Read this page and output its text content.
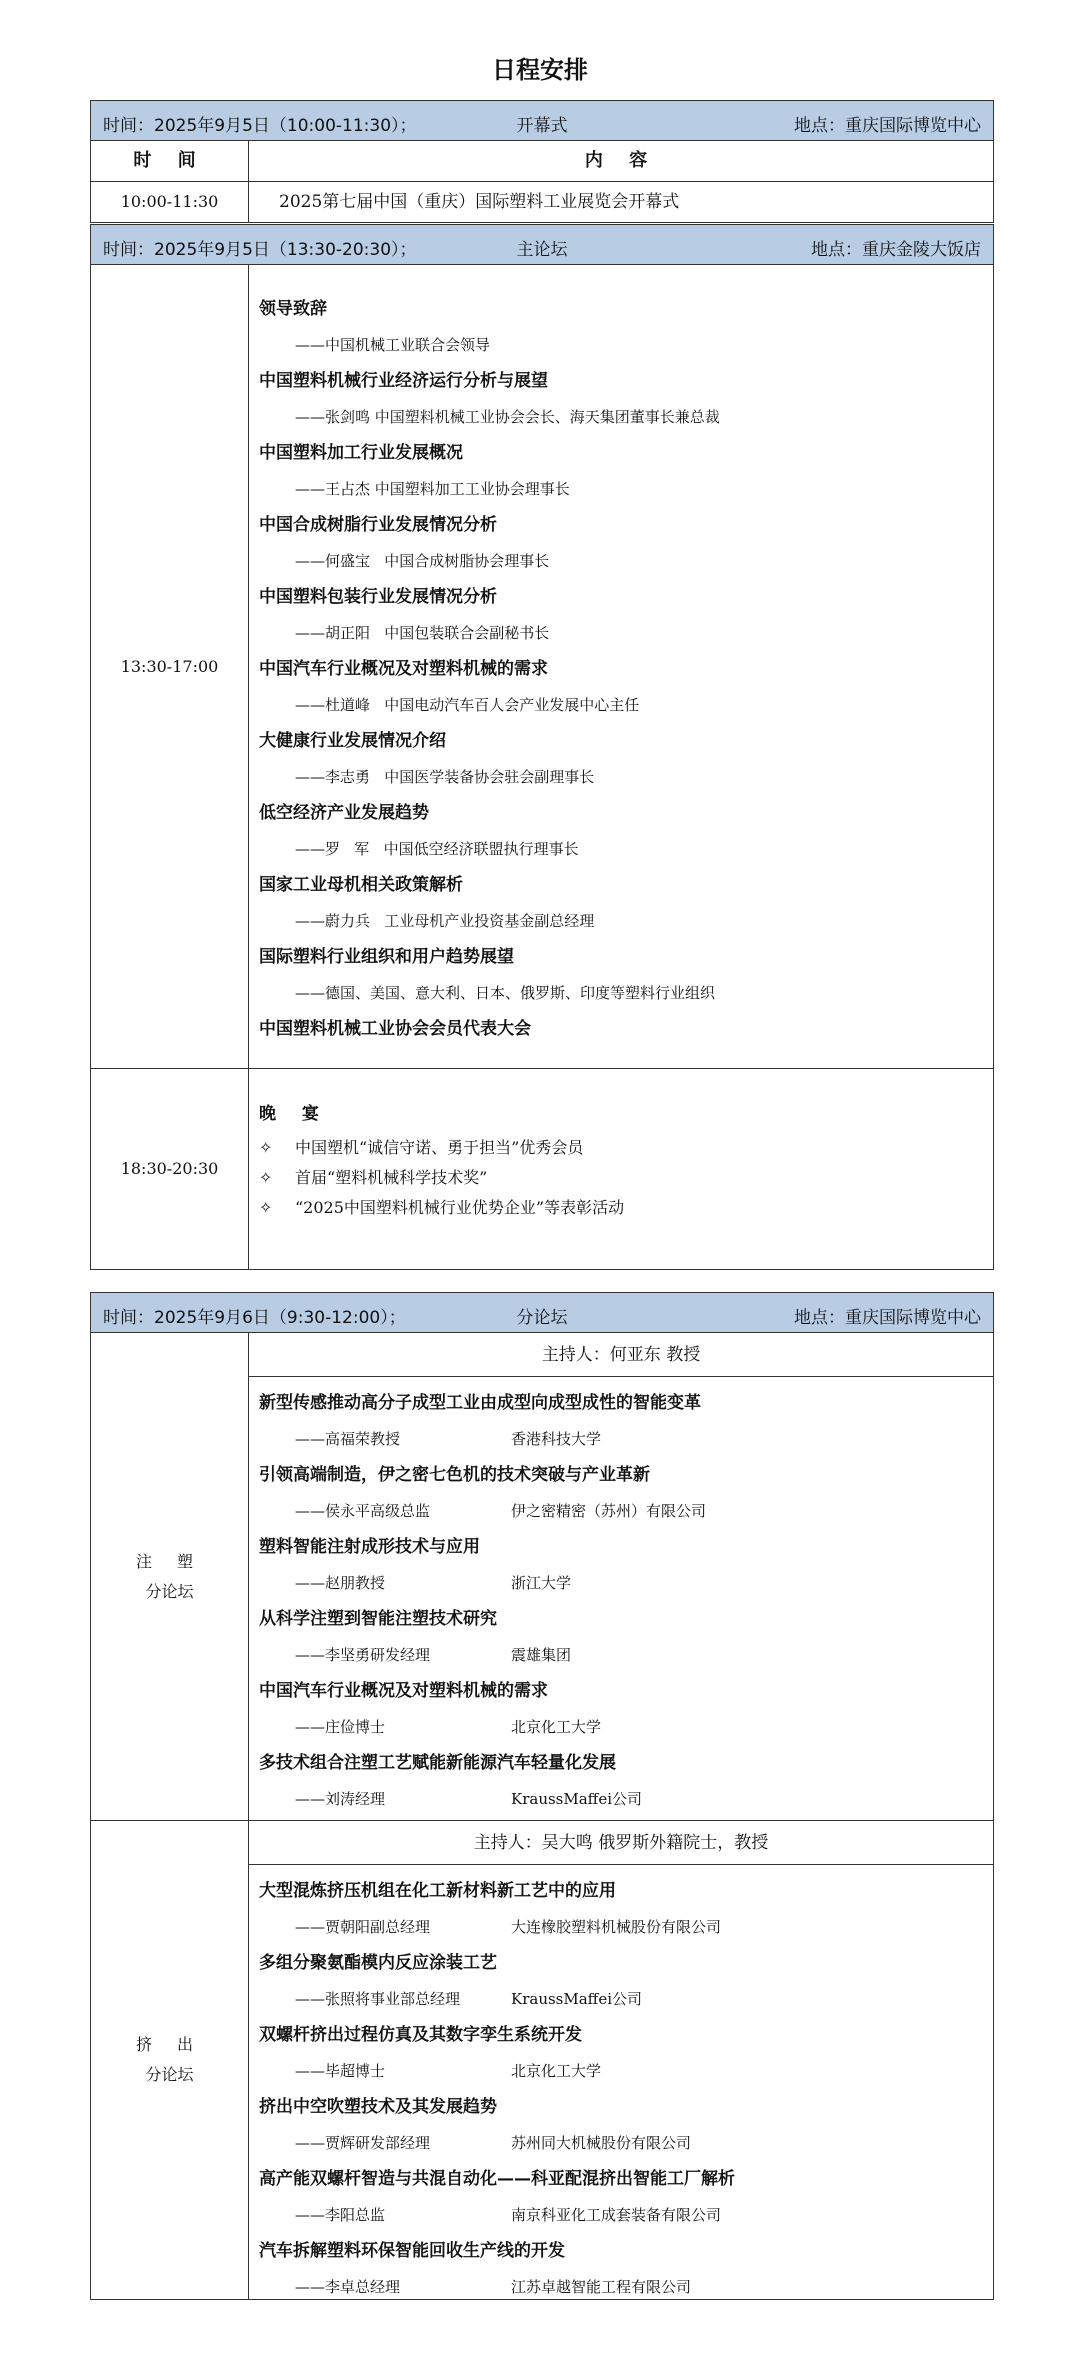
日程安排
时间：2025年9月5日（10:00-11:30）；	开幕式	地点：重庆国际博览中心
时 间	内 容
10:00-11:30	2025第七届中国（重庆）国际塑料工业展览会开幕式
时间：2025年9月5日（13:30-20:30）；	主论坛	地点：重庆金陵大饭店
13:30-17:00
领导致辞
——中国机械工业联合会领导
中国塑料机械行业经济运行分析与展望
——张剑鸣 中国塑料机械工业协会会长、海天集团董事长兼总裁
中国塑料加工行业发展概况
——王占杰 中国塑料加工工业协会理事长
中国合成树脂行业发展情况分析
——何盛宝   中国合成树脂协会理事长
中国塑料包装行业发展情况分析
——胡正阳   中国包装联合会副秘书长
中国汽车行业概况及对塑料机械的需求
——杜道峰   中国电动汽车百人会产业发展中心主任
大健康行业发展情况介绍
——李志勇   中国医学装备协会驻会副理事长
低空经济产业发展趋势
——罗   军   中国低空经济联盟执行理事长
国家工业母机相关政策解析
——蔚力兵   工业母机产业投资基金副总经理
国际塑料行业组织和用户趋势展望
——德国、美国、意大利、日本、俄罗斯、印度等塑料行业组织
中国塑料机械工业协会会员代表大会
18:30-20:30
晚 宴
✧ 中国塑机“诚信守诺、勇于担当”优秀会员
✧ 首届“塑料机械科学技术奖”
✧ “2025中国塑料机械行业优势企业”等表彰活动
时间：2025年9月6日（9:30-12:00）；	分论坛	地点：重庆国际博览中心
注 塑
分论坛
主持人：何亚东 教授
新型传感推动高分子成型工业由成型向成型成性的智能变革
——高福荣教授	香港科技大学
引领高端制造，伊之密七色机的技术突破与产业革新
——侯永平高级总监	伊之密精密（苏州）有限公司
塑料智能注射成形技术与应用
——赵朋教授	浙江大学
从科学注塑到智能注塑技术研究
——李坚勇研发经理	震雄集团
中国汽车行业概况及对塑料机械的需求
——庄俭博士	北京化工大学
多技术组合注塑工艺赋能新能源汽车轻量化发展
——刘涛经理	KraussMaffei公司
挤 出
分论坛
主持人：吴大鸣 俄罗斯外籍院士，教授
大型混炼挤压机组在化工新材料新工艺中的应用
——贾朝阳副总经理	大连橡胶塑料机械股份有限公司
多组分聚氨酯模内反应涂装工艺
——张照将事业部总经理	KraussMaffei公司
双螺杆挤出过程仿真及其数字孪生系统开发
——毕超博士	北京化工大学
挤出中空吹塑技术及其发展趋势
——贾辉研发部经理	苏州同大机械股份有限公司
高产能双螺杆智造与共混自动化——科亚配混挤出智能工厂解析
——李阳总监	南京科亚化工成套装备有限公司
汽车拆解塑料环保智能回收生产线的开发
——李卓总经理	江苏卓越智能工程有限公司
